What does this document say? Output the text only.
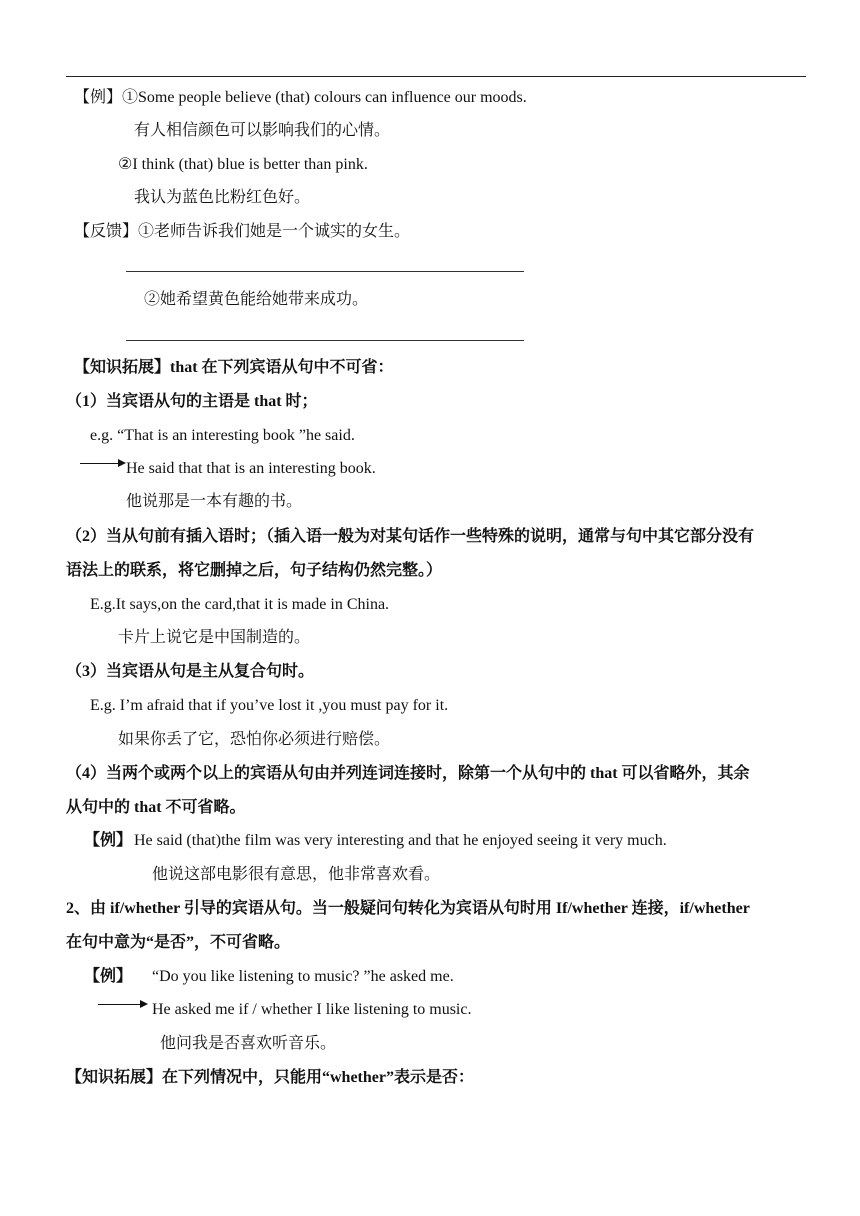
【例】①Some people believe (that) colours can influence our moods.
有人相信颜色可以影响我们的心情。
②I think (that) blue is better than pink.
我认为蓝色比粉红色好。
【反馈】①老师告诉我们她是一个诚实的女生。
②她希望黄色能给她带来成功。
【知识拓展】that 在下列宾语从句中不可省：
（1）当宾语从句的主语是 that 时；
e.g. “That is an interesting book ”he said.
He said that that is an interesting book.
他说那是一本有趣的书。
（2）当从句前有插入语时；（插入语一般为对某句话作一些特殊的说明，通常与句中其它部分没有
语法上的联系，将它删掉之后，句子结构仍然完整。）
E.g.It says,on the card,that it is made in China.
卡片上说它是中国制造的。
（3）当宾语从句是主从复合句时。
E.g. I’m afraid that if you’ve lost it ,you must pay for it.
如果你丢了它，恐怕你必须进行赔偿。
（4）当两个或两个以上的宾语从句由并列连词连接时，除第一个从句中的 that 可以省略外，其余
从句中的 that 不可省略。
【例】 He said (that)the film was very interesting and that he enjoyed seeing it very much.
他说这部电影很有意思，他非常喜欢看。
2、由 if/whether 引导的宾语从句。当一般疑问句转化为宾语从句时用 If/whether 连接，if/whether
在句中意为“是否”，不可省略。
【例】 “Do you like listening to music? ”he asked me.
He asked me if / whether I like listening to music.
他问我是否喜欢听音乐。
【知识拓展】在下列情况中，只能用“whether”表示是否：
